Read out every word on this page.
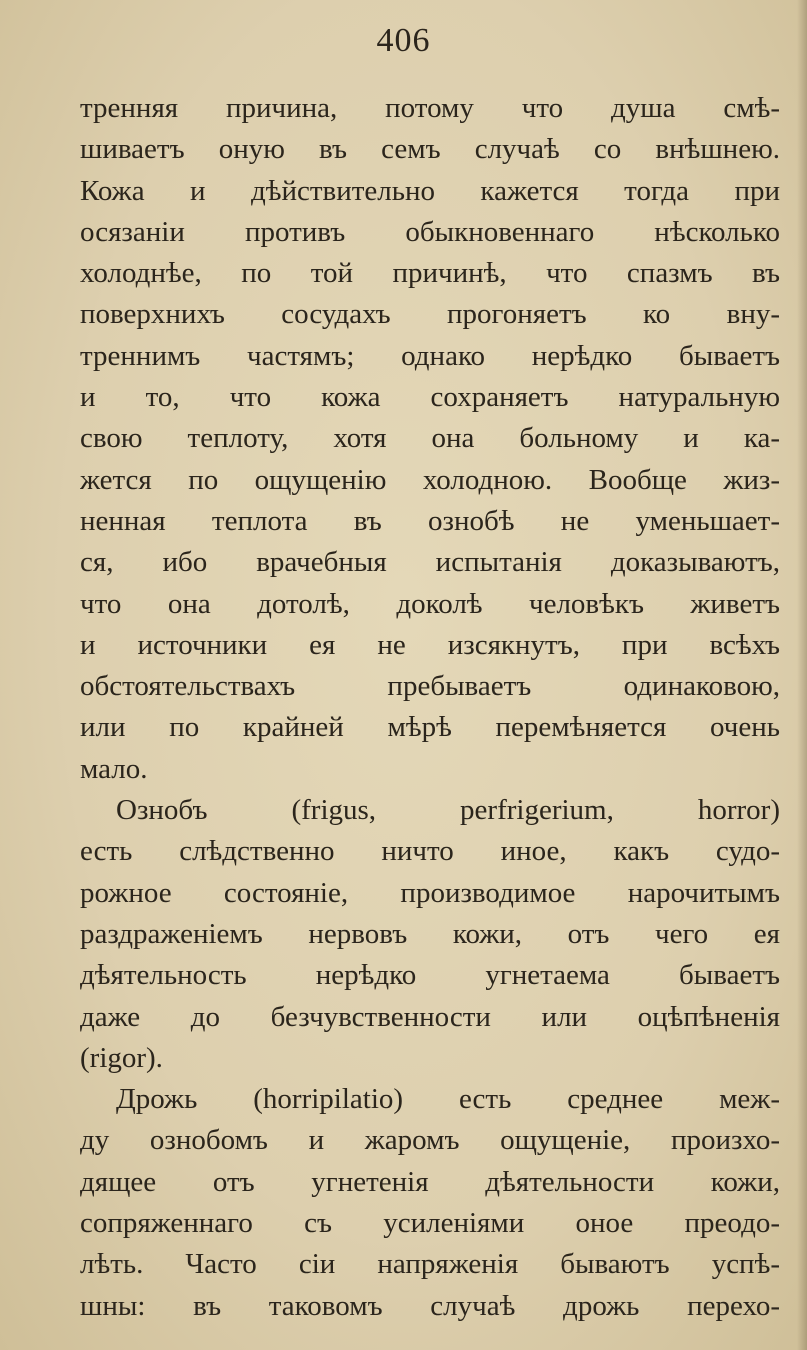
406
тренняя причина, потому что душа смѣ-
шиваетъ оную въ семъ случаѣ со внѣшнею.
Кожа и дѣйствительно кажется тогда при
осязаніи противъ обыкновеннаго нѣсколько
холоднѣе, по той причинѣ, что спазмъ въ
поверхнихъ сосудахъ прогоняетъ ко вну-
треннимъ частямъ; однако нерѣдко бываетъ
и то, что кожа сохраняетъ натуральную
свою теплоту, хотя она больному и ка-
жется по ощущенію холодною. Вообще жиз-
ненная теплота въ ознобѣ не уменьшает-
ся, ибо врачебныя испытанія доказываютъ,
что она дотолѣ, доколѣ человѣкъ живетъ
и источники ея не изсякнутъ, при всѣхъ
обстоятельствахъ пребываетъ одинаковою,
или по крайней мѣрѣ перемѣняется очень
мало.
Ознобъ (frigus, perfrigerium, horror)
есть слѣдственно ничто иное, какъ судо-
рожное состояніе, производимое нарочитымъ
раздраженіемъ нервовъ кожи, отъ чего ея
дѣятельность нерѣдко угнетаема бываетъ
даже до безчувственности или оцѣпѣненія
(rigor).
Дрожь (horripilatio) есть среднее меж-
ду ознобомъ и жаромъ ощущеніе, произхо-
дящее отъ угнетенія дѣятельности кожи,
сопряженнаго съ усиленіями оное преодо-
лѣть. Часто сіи напряженія бываютъ успѣ-
шны: въ таковомъ случаѣ дрожь перехо-
